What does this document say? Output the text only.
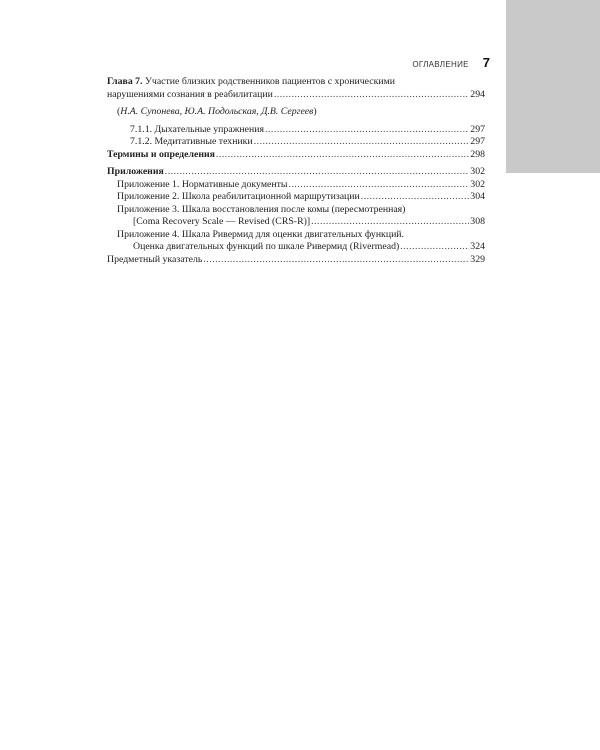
ОГЛАВЛЕНИЕ 7
Глава 7. Участие близких родственников пациентов с хроническими
нарушениями сознания в реабилитации .....	294
(Н.А. Супонева, Ю.А. Подольская, Д.В. Сергеев)
7.1.1. Дыхательные упражнения .....	297
7.1.2. Медитативные техники .....	297
Термины и определения .....	298
Приложения .....	302
Приложение 1. Нормативные документы .....	302
Приложение 2. Школа реабилитационной маршрутизации .....	304
Приложение 3. Шкала восстановления после комы (пересмотренная)
[Coma Recovery Scale — Revised (CRS-R)] .....	308
Приложение 4. Шкала Ривермид для оценки двигательных функций.
Оценка двигательных функций по шкале Ривермид (Rivermead) .....	324
Предметный указатель .....	329
